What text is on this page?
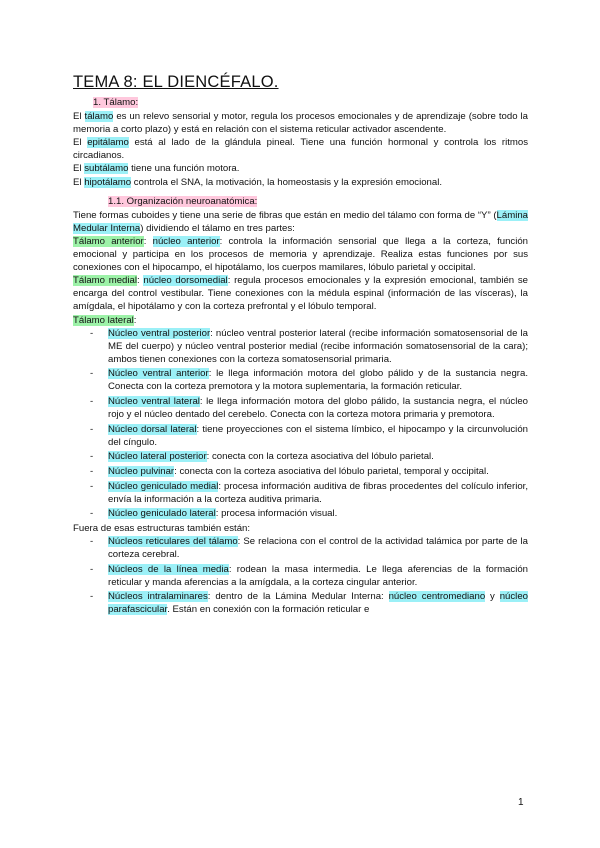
TEMA 8: EL DIENCÉFALO.

1. Tálamo:

El tálamo es un relevo sensorial y motor, regula los procesos emocionales y de aprendizaje (sobre todo la memoria a corto plazo) y está en relación con el sistema reticular activador ascendente.

El epitálamo está al lado de la glándula pineal. Tiene una función hormonal y controla los ritmos circadianos.

El subtálamo tiene una función motora.

El hipotálamo controla el SNA, la motivación, la homeostasis y la expresión emocional.

1.1. Organización neuroanatómica:

Tiene formas cuboides y tiene una serie de fibras que están en medio del tálamo con forma de “Y” (Lámina Medular Interna) dividiendo el tálamo en tres partes:

Tálamo anterior: núcleo anterior: controla la información sensorial que llega a la corteza, función emocional y participa en los procesos de memoria y aprendizaje. Realiza estas funciones por sus conexiones con el hipocampo, el hipotálamo, los cuerpos mamilares, lóbulo parietal y occipital.

Tálamo medial: núcleo dorsomedial: regula procesos emocionales y la expresión emocional, también se encarga del control vestibular. Tiene conexiones con la médula espinal (información de las vísceras), la amígdala, el hipotálamo y con la corteza prefrontal y el lóbulo temporal.

Tálamo lateral:

- Núcleo ventral posterior: núcleo ventral posterior lateral (recibe información somatosensorial de la ME del cuerpo) y núcleo ventral posterior medial (recibe información somatosensorial de la cara); ambos tienen conexiones con la corteza somatosensorial primaria.
- Núcleo ventral anterior: le llega información motora del globo pálido y de la sustancia negra. Conecta con la corteza premotora y la motora suplementaria, la formación reticular.
- Núcleo ventral lateral: le llega información motora del globo pálido, la sustancia negra, el núcleo rojo y el núcleo dentado del cerebelo. Conecta con la corteza motora primaria y premotora.
- Núcleo dorsal lateral: tiene proyecciones con el sistema límbico, el hipocampo y la circunvolución del cíngulo.
- Núcleo lateral posterior: conecta con la corteza asociativa del lóbulo parietal.
- Núcleo pulvinar: conecta con la corteza asociativa del lóbulo parietal, temporal y occipital.
- Núcleo geniculado medial: procesa información auditiva de fibras procedentes del colículo inferior, envía la información a la corteza auditiva primaria.
- Núcleo geniculado lateral: procesa información visual.

Fuera de esas estructuras también están:

- Núcleos reticulares del tálamo: Se relaciona con el control de la actividad talámica por parte de la corteza cerebral.
- Núcleos de la línea media: rodean la masa intermedia. Le llega aferencias de la formación reticular y manda aferencias a la amígdala, a la corteza cingular anterior.
- Núcleos intralaminares: dentro de la Lámina Medular Interna: núcleo centromediano y núcleo parafascicular. Están en conexión con la formación reticular e
1
